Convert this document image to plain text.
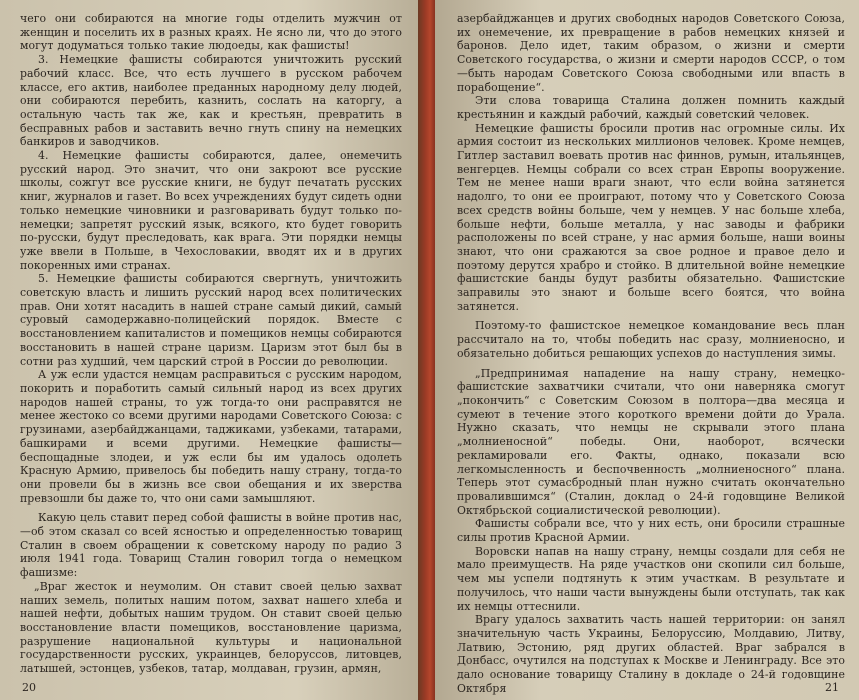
чего они собираются на многие годы отделить мужчин от женщин и поселить их в разных краях. Не ясно ли, что до этого могут додуматься только такие людоеды, как фашисты!

3. Немецкие фашисты собираются уничтожить русский рабочий класс. Все, что есть лучшего в русском рабочем классе, его актив, наиболее преданных народному делу людей, они собираются перебить, казнить, сослать на каторгу, а остальную часть так же, как и крестьян, превратить в бесправных рабов и заставить вечно гнуть спину на немецких банкиров и заводчиков.

4. Немецкие фашисты собираются, далее, онемечить русский народ. Это значит, что они закроют все русские школы, сожгут все русские книги, не будут печатать русских книг, журналов и газет. Во всех учреждениях будут сидеть одни только немецкие чиновники и разговаривать будут только по-немецки; запретят русский язык, всякого, кто будет говорить по-русски, будут преследовать, как врага. Эти порядки немцы уже ввели в Польше, в Чехословакии, вводят их и в других покоренных ими странах.

5. Немецкие фашисты собираются свергнуть, уничтожить советскую власть и лишить русский народ всех политических прав. Они хотят насадить в нашей стране самый дикий, самый суровый самодержавно-полицейский порядок. Вместе с восстановлением капиталистов и помещиков немцы собираются восстановить в нашей стране царизм. Царизм этот был бы в сотни раз худший, чем царский строй в России до революции.

А уж если удастся немцам расправиться с русским народом, покорить и поработить самый сильный народ из всех других народов нашей страны, то уж тогда-то они расправятся не менее жестоко со всеми другими народами Советского Союза: с грузинами, азербайджанцами, таджиками, узбеками, татарами, башкирами и всеми другими. Немецкие фашисты—беспощадные злодеи, и уж если бы им удалось одолеть Красную Армию, привелось бы победить нашу страну, тогда-то они провели бы в жизнь все свои обещания и их зверства превзошли бы даже то, что они сами замышляют.

Какую цель ставит перед собой фашисты в войне против нас,—об этом сказал со всей ясностью и определенностью товарищ Сталин в своем обращении к советскому народу по радио 3 июля 1941 года. Товарищ Сталин говорил тогда о немецком фашизме:

„Враг жесток и неумолим. Он ставит своей целью захват наших земель, политых нашим потом, захват нашего хлеба и нашей нефти, добытых нашим трудом. Он ставит своей целью восстановление власти помещиков, восстановление царизма, разрушение национальной культуры и национальной государственности русских, украинцев, белоруссов, литовцев, латышей, эстонцев, узбеков, татар, молдаван, грузин, армян,

20

азербайджанцев и других свободных народов Советского Союза, их онемечение, их превращение в рабов немецких князей и баронов. Дело идет, таким образом, о жизни и смерти Советского государства, о жизни и смерти народов СССР, о том—быть народам Советского Союза свободными или впасть в порабощение“.

Эти слова товарища Сталина должен помнить каждый крестьянин и каждый рабочий, каждый советский человек.

Немецкие фашисты бросили против нас огромные силы. Их армия состоит из нескольких миллионов человек. Кроме немцев, Гитлер заставил воевать против нас финнов, румын, итальянцев, венгерцев. Немцы собрали со всех стран Европы вооружение. Тем не менее наши враги знают, что если война затянется надолго, то они ее проиграют, потому что у Советского Союза всех средств войны больше, чем у немцев. У нас больше хлеба, больше нефти, больше металла, у нас заводы и фабрики расположены по всей стране, у нас армия больше, наши воины знают, что они сражаются за свое родное и правое дело и поэтому дерутся храбро и стойко. В длительной войне немецкие фашистские банды будут разбиты обязательно. Фашистские заправилы это знают и больше всего боятся, что война затянется.

Поэтому-то фашистское немецкое командование весь план рассчитало на то, чтобы победить нас сразу, молниеносно, и обязательно добиться решающих успехов до наступления зимы.

„Предпринимая нападение на нашу страну, немецко-фашистские захватчики считали, что они наверняка смогут „покончить“ с Советским Союзом в полтора—два месяца и сумеют в течение этого короткого времени дойти до Урала. Нужно сказать, что немцы не скрывали этого плана „молниеносной“ победы. Они, наоборот, всячески рекламировали его. Факты, однако, показали всю легкомысленность и беспочвенность „молниеносного“ плана. Теперь этот сумасбродный план нужно считать окончательно провалившимся“ (Сталин, доклад о 24-й годовщине Великой Октябрьской социалистической революции).

Фашисты собрали все, что у них есть, они бросили страшные силы против Красной Армии.

Воровски напав на нашу страну, немцы создали для себя не мало преимуществ. На ряде участков они скопили сил больше, чем мы успели подтянуть к этим участкам. В результате и получилось, что наши части вынуждены были отступать, так как их немцы оттеснили.

Врагу удалось захватить часть нашей территории: он занял значительную часть Украины, Белоруссию, Молдавию, Литву, Латвию, Эстонию, ряд других областей. Враг забрался в Донбасс, очутился на подступах к Москве и Ленинграду. Все это дало основание товарищу Сталину в докладе о 24-й годовщине Октября	21
